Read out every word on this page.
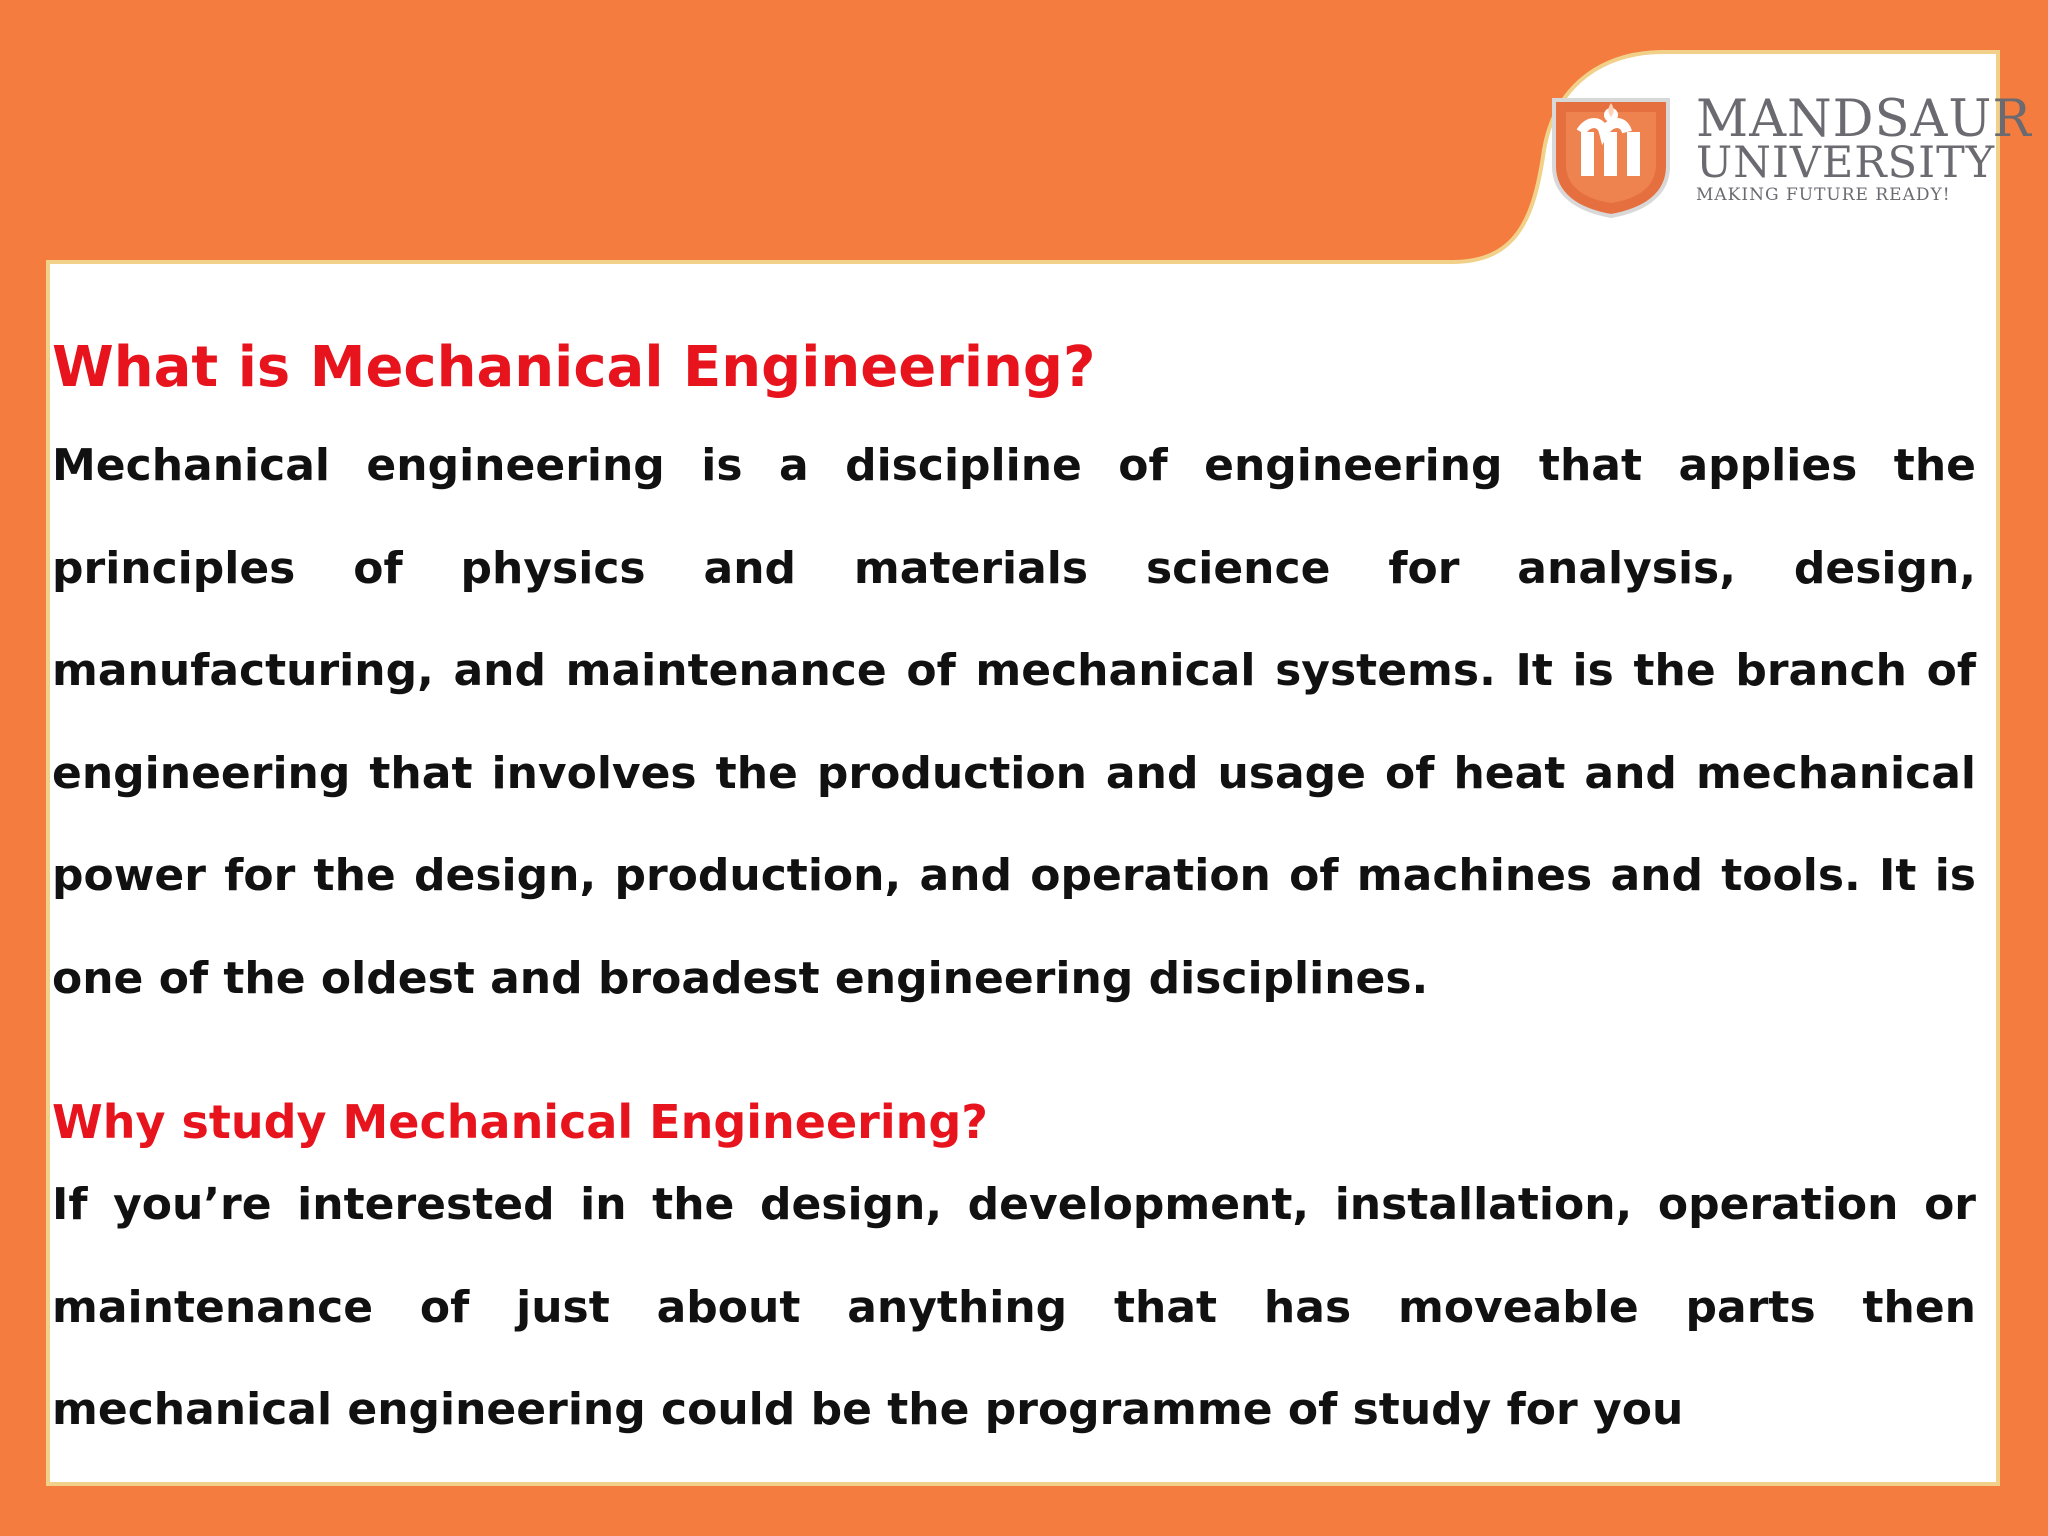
MANDSAUR
UNIVERSITY
MAKING FUTURE READY!
What is Mechanical Engineering?

Mechanical engineering is a discipline of engineering that applies the principles of physics and materials science for analysis, design, manufacturing, and maintenance of mechanical systems. It is the branch of engineering that involves the production and usage of heat and mechanical power for the design, production, and operation of machines and tools. It is one of the oldest and broadest engineering disciplines.

Why study Mechanical Engineering?

If you’re interested in the design, development, installation, operation or maintenance of just about anything that has moveable parts then mechanical engineering could be the programme of study for you
